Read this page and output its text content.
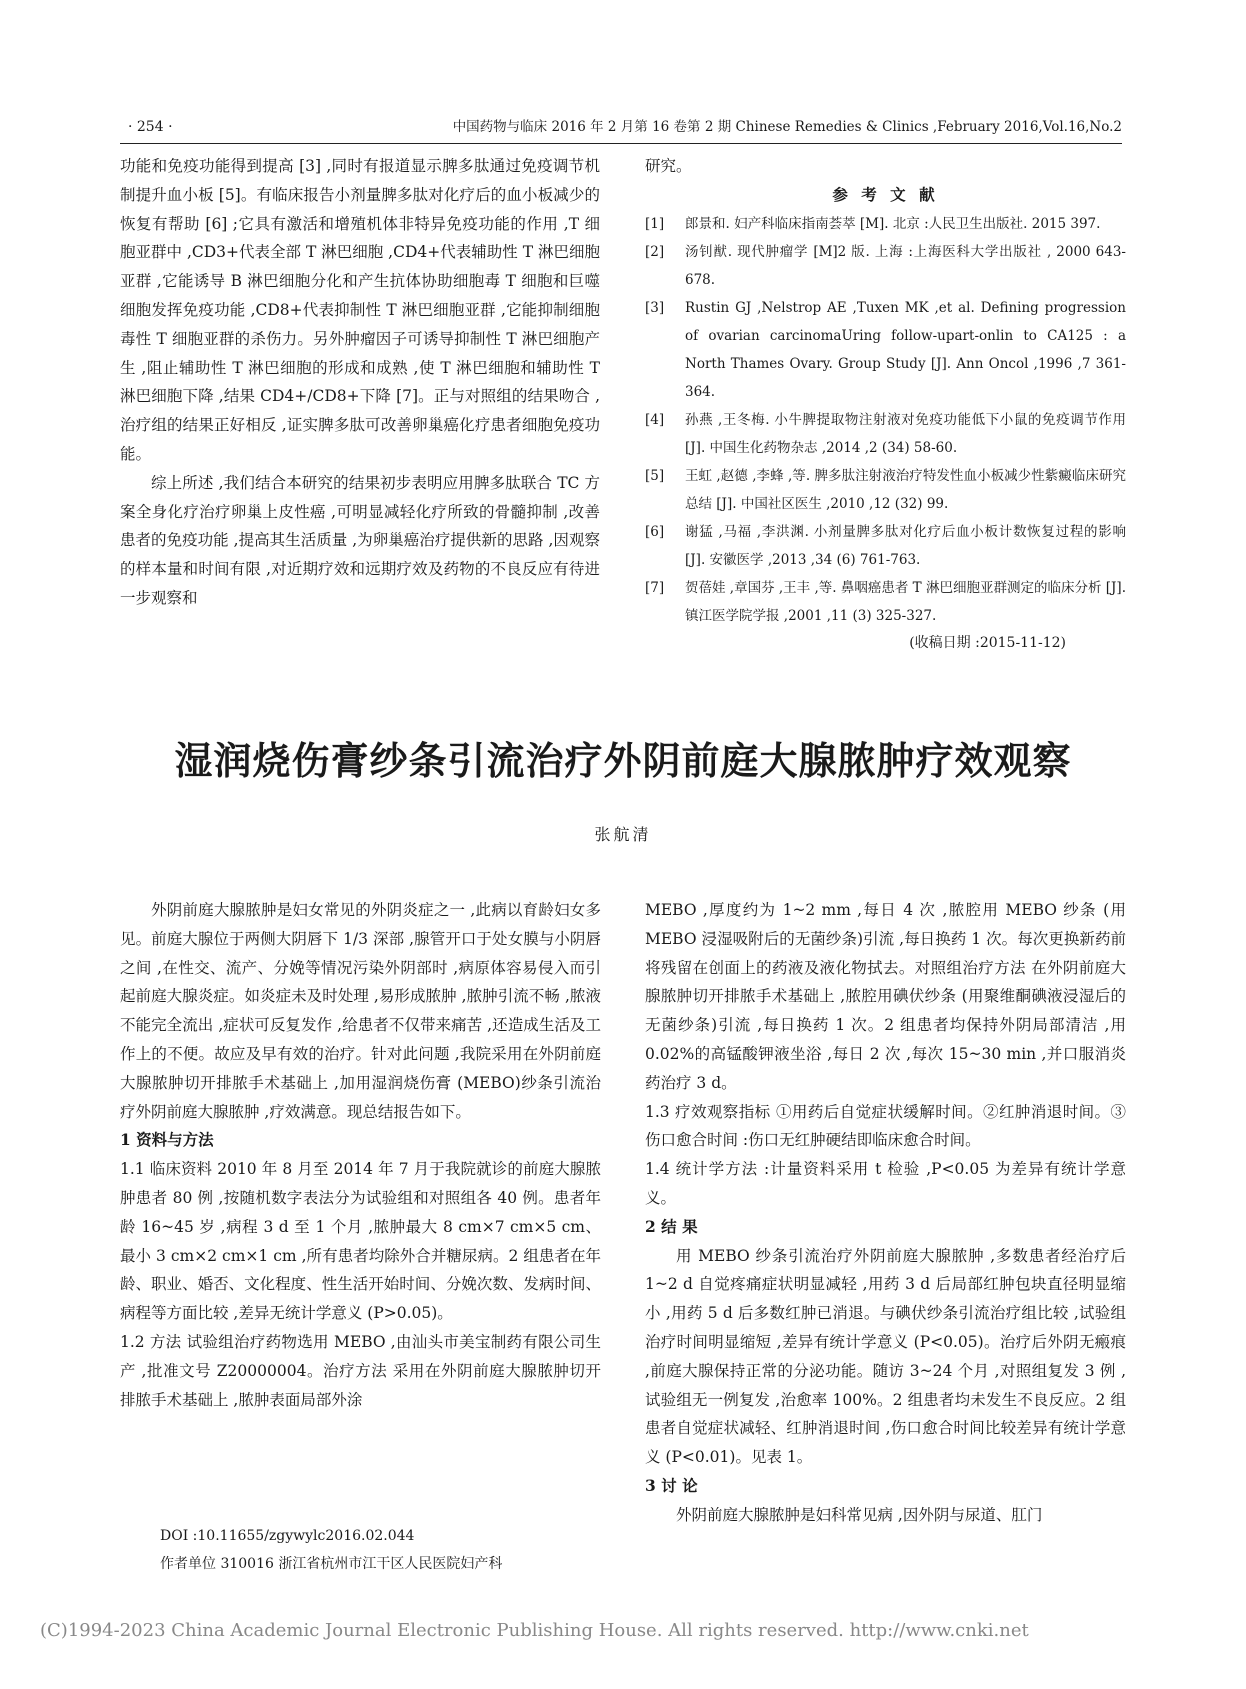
· 254 ·	中国药物与临床 2016 年 2 月第 16 卷第 2 期 Chinese Remedies & Clinics ,February 2016,Vol.16,No.2

功能和免疫功能得到提高 [3] ,同时有报道显示脾多肽通过免疫调节机制提升血小板 [5]。有临床报告小剂量脾多肽对化疗后的血小板减少的恢复有帮助 [6] ;它具有激活和增殖机体非特异免疫功能的作用 ,T 细胞亚群中 ,CD3+代表全部 T 淋巴细胞 ,CD4+代表辅助性 T 淋巴细胞亚群 ,它能诱导 B 淋巴细胞分化和产生抗体协助细胞毒 T 细胞和巨噬细胞发挥免疫功能 ,CD8+代表抑制性 T 淋巴细胞亚群 ,它能抑制细胞毒性 T 细胞亚群的杀伤力。另外肿瘤因子可诱导抑制性 T 淋巴细胞产生 ,阻止辅助性 T 淋巴细胞的形成和成熟 ,使 T 淋巴细胞和辅助性 T 淋巴细胞下降 ,结果 CD4+/CD8+下降 [7]。正与对照组的结果吻合 ,治疗组的结果正好相反 ,证实脾多肽可改善卵巢癌化疗患者细胞免疫功能。

综上所述 ,我们结合本研究的结果初步表明应用脾多肽联合 TC 方案全身化疗治疗卵巢上皮性癌 ,可明显减轻化疗所致的骨髓抑制 ,改善患者的免疫功能 ,提高其生活质量 ,为卵巢癌治疗提供新的思路 ,因观察的样本量和时间有限 ,对近期疗效和远期疗效及药物的不良反应有待进一步观察和

研究。

参 考 文 献

[1]	郎景和. 妇产科临床指南荟萃 [M]. 北京 :人民卫生出版社. 2015 397.
[2]	汤钊猷. 现代肿瘤学 [M]2 版. 上海 :上海医科大学出版社 , 2000 643-678.
[3]	Rustin GJ ,Nelstrop AE ,Tuxen MK ,et al. Defining progression of ovarian carcinomaUring follow-upart-onlin to CA125 : a North Thames Ovary. Group Study [J]. Ann Oncol ,1996 ,7 361-364.
[4]	孙燕 ,王冬梅. 小牛脾提取物注射液对免疫功能低下小鼠的免疫调节作用 [J]. 中国生化药物杂志 ,2014 ,2 (34) 58-60.
[5]	王虹 ,赵德 ,李蜂 ,等. 脾多肽注射液治疗特发性血小板减少性紫癜临床研究总结 [J]. 中国社区医生 ,2010 ,12 (32) 99.
[6]	谢猛 ,马福 ,李洪渊. 小剂量脾多肽对化疗后血小板计数恢复过程的影响 [J]. 安徽医学 ,2013 ,34 (6) 761-763.
[7]	贺蓓娃 ,章国芬 ,王丰 ,等. 鼻咽癌患者 T 淋巴细胞亚群测定的临床分析 [J]. 镇江医学院学报 ,2001 ,11 (3) 325-327.

(收稿日期 :2015-11-12)

湿润烧伤膏纱条引流治疗外阴前庭大腺脓肿疗效观察
张航清

外阴前庭大腺脓肿是妇女常见的外阴炎症之一 ,此病以育龄妇女多见。前庭大腺位于两侧大阴唇下 1/3 深部 ,腺管开口于处女膜与小阴唇之间 ,在性交、流产、分娩等情况污染外阴部时 ,病原体容易侵入而引起前庭大腺炎症。如炎症未及时处理 ,易形成脓肿 ,脓肿引流不畅 ,脓液不能完全流出 ,症状可反复发作 ,给患者不仅带来痛苦 ,还造成生活及工作上的不便。故应及早有效的治疗。针对此问题 ,我院采用在外阴前庭大腺脓肿切开排脓手术基础上 ,加用湿润烧伤膏 (MEBO)纱条引流治疗外阴前庭大腺脓肿 ,疗效满意。现总结报告如下。

1 资料与方法

1.1 临床资料 2010 年 8 月至 2014 年 7 月于我院就诊的前庭大腺脓肿患者 80 例 ,按随机数字表法分为试验组和对照组各 40 例。患者年龄 16~45 岁 ,病程 3 d 至 1 个月 ,脓肿最大 8 cm×7 cm×5 cm、最小 3 cm×2 cm×1 cm ,所有患者均除外合并糖尿病。2 组患者在年龄、职业、婚否、文化程度、性生活开始时间、分娩次数、发病时间、病程等方面比较 ,差异无统计学意义 (P>0.05)。

1.2 方法 试验组治疗药物选用 MEBO ,由汕头市美宝制药有限公司生产 ,批准文号 Z20000004。治疗方法 采用在外阴前庭大腺脓肿切开排脓手术基础上 ,脓肿表面局部外涂

MEBO ,厚度约为 1~2 mm ,每日 4 次 ,脓腔用 MEBO 纱条 (用 MEBO 浸湿吸附后的无菌纱条)引流 ,每日换药 1 次。每次更换新药前将残留在创面上的药液及液化物拭去。对照组治疗方法 在外阴前庭大腺脓肿切开排脓手术基础上 ,脓腔用碘伏纱条 (用聚维酮碘液浸湿后的无菌纱条)引流 ,每日换药 1 次。2 组患者均保持外阴局部清洁 ,用 0.02%的高锰酸钾液坐浴 ,每日 2 次 ,每次 15~30 min ,并口服消炎药治疗 3 d。

1.3 疗效观察指标 ①用药后自觉症状缓解时间。②红肿消退时间。③伤口愈合时间 :伤口无红肿硬结即临床愈合时间。

1.4 统计学方法 :计量资料采用 t 检验 ,P<0.05 为差异有统计学意义。

2 结 果

用 MEBO 纱条引流治疗外阴前庭大腺脓肿 ,多数患者经治疗后 1~2 d 自觉疼痛症状明显减轻 ,用药 3 d 后局部红肿包块直径明显缩小 ,用药 5 d 后多数红肿已消退。与碘伏纱条引流治疗组比较 ,试验组治疗时间明显缩短 ,差异有统计学意义 (P<0.05)。治疗后外阴无瘢痕 ,前庭大腺保持正常的分泌功能。随访 3~24 个月 ,对照组复发 3 例 ,试验组无一例复发 ,治愈率 100%。2 组患者均未发生不良反应。2 组患者自觉症状减轻、红肿消退时间 ,伤口愈合时间比较差异有统计学意义 (P<0.01)。见表 1。

3 讨 论

外阴前庭大腺脓肿是妇科常见病 ,因外阴与尿道、肛门

DOI :10.11655/zgywylc2016.02.044
作者单位 310016 浙江省杭州市江干区人民医院妇产科
(C)1994-2023 China Academic Journal Electronic Publishing House. All rights reserved. http://www.cnki.net
